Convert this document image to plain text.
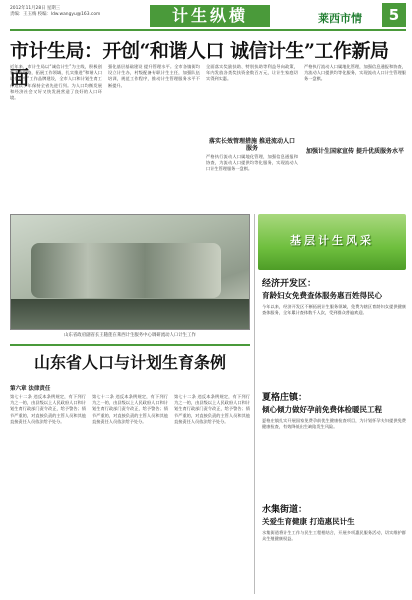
2012年11月28日 星期三
责编：王玉梅 校编：ldw.wangyu@163.com	计生纵横	莱西市情	5
市计生局：开创“和谐人口 诚信计生”工作新局面
近年来，市计生局以“诚信计生”为主线，积极创新工作思路，拓展工作领域，扎实推进“和谐人口 诚信计生”工作品牌建设，全市人口和计划生育工作连续多年保持全省先进行列。为人口均衡发展和经济社会又好又快发展营造了良好的人口环境。
强化基层基础建设 提升管理水平。全市各镇街均设立计生办，村级配备专职计生主任，加强队伍培训，规范工作程序，推动计生管理服务水平不断提升。
全面落实奖励扶助、特别扶助等利益导向政策，年内发放各类奖扶资金数百万元，让计生家庭切实得到实惠。
落实长效管理措施 推进流动人口服务
严格执行流动人口属地化管理，加强信息通报和协查，为流动人口提供均等化服务，实现流动人口计生管理服务一盘棋。
加强计生国家宣传 提升优质服务水平
严格执行流动人口属地化管理，加强信息通报和协查，为流动人口提供均等化服务，实现流动人口计生管理服务一盘棋。
山东省政府副省长王随莲在莱西计生服务中心调研流动人口计生工作
基层计生风采
经济开发区：
育龄妇女免费查体服务惠百姓得民心
今年以来，经济开发区不断拓展计生服务领域，免费为辖区育龄妇女提供健康查体服务，全年累计查体数千人次，受到群众普遍欢迎。
夏格庄镇：
倾心倾力做好孕前免费体检暖民工程
夏格庄镇扎实开展国家免费孕前优生健康检查项目，为计划怀孕夫妇提供免费健康检查，有效降低出生缺陷发生风险。
水集街道：
关爱生育健康 打造惠民计生
水集街道将计生工作与民生工程相结合，开展多项惠民服务活动，切实维护群众生殖健康权益。
山东省人口与计划生育条例
第六章 法律责任
第七十二条 违反本条例规定，有下列行为之一的，由县级以上人民政府人口和计划生育行政部门责令改正，给予警告；情节严重的，对直接负责的主管人员和其他直接责任人员依法给予处分。
第七十二条 违反本条例规定，有下列行为之一的，由县级以上人民政府人口和计划生育行政部门责令改正，给予警告；情节严重的，对直接负责的主管人员和其他直接责任人员依法给予处分。
第七十二条 违反本条例规定，有下列行为之一的，由县级以上人民政府人口和计划生育行政部门责令改正，给予警告；情节严重的，对直接负责的主管人员和其他直接责任人员依法给予处分。
